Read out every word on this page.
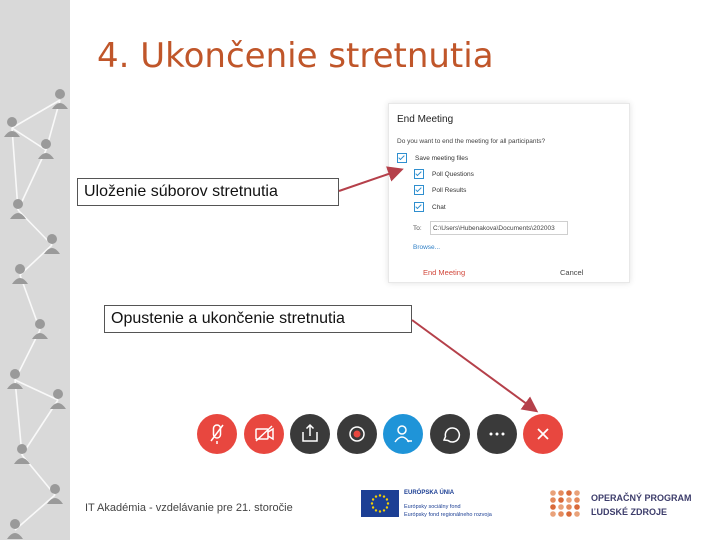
4. Ukončenie stretnutia
End Meeting
Do you want to end the meeting for all participants?
Save meeting files
Poll Questions
Poll Results
Chat
To:	C:\Users\Hubenakova\Documents\202003
Browse...
End Meeting	Cancel
Uloženie súborov stretnutia
Opustenie a ukončenie stretnutia
IT Akadémia - vzdelávanie pre 21. storočie
EURÓPSKA ÚNIA
Európsky sociálny fond
Európsky fond regionálneho rozvoja
OPERAČNÝ PROGRAM
ĽUDSKÉ ZDROJE
